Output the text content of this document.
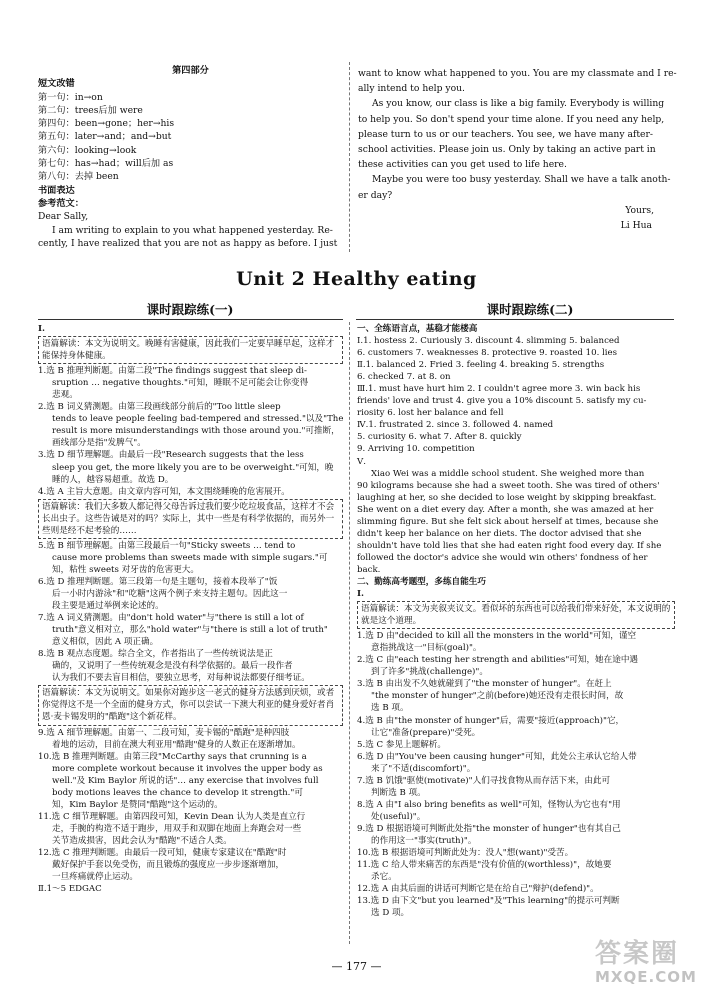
第四部分

短文改错

第一句：in→on

第二句：trees后加 were

第四句：been→gone；her→his

第五句：later→and；and→but

第六句：looking→look

第七句：has→had；will后加 as

第八句：去掉 been

书面表达

参考范文：

Dear Sally,

I am writing to explain to you what happened yesterday. Re-

cently, I have realized that you are not as happy as before. I just

want to know what happened to you. You are my classmate and I re-

ally intend to help you.

As you know, our class is like a big family. Everybody is willing

to help you. So don't spend your time alone. If you need any help,

please turn to us or our teachers. You see, we have many after-

school activities. Please join us. Only by taking an active part in

these activities can you get used to life here.

Maybe you were too busy yesterday. Shall we have a talk anoth-

er day?

Yours,

Li Hua

Unit 2 Healthy eating
课时跟踪练(一)	课时跟踪练(二)

Ⅰ.

语篇解读：本文为说明文。晚睡有害健康，因此我们一定要早睡早起，这样才能保持身体健康。

1.选 B 推理判断题。由第二段"The findings suggest that sleep di-

sruption … negative thoughts."可知，睡眠不足可能会让你变得

悲观。

2.选 B 词义猜测题。由第三段画线部分前后的"Too little sleep

tends to leave people feeling bad-tempered and stressed."以及"The

result is more misunderstandings with those around you."可推断，

画线部分是指"发脾气"。

3.选 D 细节理解题。由最后一段"Research suggests that the less

sleep you get, the more likely you are to be overweight."可知，晚

睡的人，越容易超重。故选 D。

4.选 A 主旨大意题。由文章内容可知，本文围绕睡晚的危害展开。

语篇解读：我们大多数人都记得父母告诉过我们要少吃垃圾食品，这样才不会长出虫子。这些告诫是对的吗？实际上，其中一些是有科学依据的，而另外一些则是经不起考验的……

5.选 B 细节理解题。由第三段最后一句"Sticky sweets … tend to

cause more problems than sweets made with simple sugars."可

知，粘性 sweets 对牙齿的危害更大。

6.选 D 推理判断题。第三段第一句是主题句，接着本段举了"饭

后一小时内游泳"和"吃糖"这两个例子来支持主题句。因此这一

段主要是通过举例来论述的。

7.选 A 词义猜测题。由"don't hold water"与"there is still a lot of

truth"意义相对立，那么"hold water"与"there is still a lot of truth"

意义相似，因此 A 项正确。

8.选 B 观点态度题。综合全文，作者指出了一些传统说法是正

确的，又说明了一些传统观念是没有科学依据的。最后一段作者

认为我们不要去盲目相信，要独立思考，对每种说法都要仔细考证。

语篇解读：本文为说明文。如果你对跑步这一老式的健身方法感到厌烦，或者你觉得这不是一个全面的健身方式，你可以尝试一下澳大利亚的健身爱好者肖恩·麦卡锡发明的"酷跑"这个新花样。

9.选 A 细节理解题。由第一、二段可知，麦卡锡的"酷跑"是种四肢

着地的运动，目前在澳大利亚用"酷跑"健身的人数正在逐渐增加。

10.选 B 推理判断题。由第三段"McCarthy says that crunning is a

more complete workout because it involves the upper body as

well."及 Kim Baylor 所说的话"… any exercise that involves full

body motions leaves the chance to develop it strength."可

知，Kim Baylor 是赞同"酷跑"这个运动的。

11.选 C 细节理解题。由第四段可知，Kevin Dean 认为人类是直立行

走，手腕的构造不适于跑步，用双手和双脚在地面上奔跑会对一些

关节造成损害，因此会认为"酷跑"不适合人类。

12.选 C 推理判断题。由最后一段可知，健康专家建议在"酷跑"时

戴好保护手套以免受伤，而且锻炼的强度应一步步逐渐增加，

一旦疼痛就停止运动。

Ⅱ.1～5 EDGAC

一、全练语言点，基稳才能楼高

Ⅰ.1. hostess 2. Curiously 3. discount 4. slimming 5. balanced

6. customers 7. weaknesses 8. protective 9. roasted 10. lies

Ⅱ.1. balanced 2. Fried 3. feeling 4. breaking 5. strengths

6. checked 7. at 8. on

Ⅲ.1. must have hurt him 2. I couldn't agree more 3. win back his

friends' love and trust 4. give you a 10% discount 5. satisfy my cu-

riosity 6. lost her balance and fell

Ⅳ.1. frustrated 2. since 3. followed 4. named

5. curiosity 6. what 7. After 8. quickly

9. Arriving 10. competition

Ⅴ.

Xiao Wei was a middle school student. She weighed more than

90 kilograms because she had a sweet tooth. She was tired of others'

laughing at her, so she decided to lose weight by skipping breakfast.

She went on a diet every day. After a month, she was amazed at her

slimming figure. But she felt sick about herself at times, because she

didn't keep her balance on her diets. The doctor advised that she

shouldn't have told lies that she had eaten right food every day. If she

followed the doctor's advice she would win others' fondness of her

back.

二、勤练高考题型，多练自能生巧

Ⅰ.

语篇解读：本文为夹叙夹议文。看似坏的东西也可以给我们带来好处，本文说明的就是这个道理。

1.选 D 由"decided to kill all the monsters in the world"可知，谨空

意指挑战这一"目标(goal)"。

2.选 C 由"each testing her strength and abilities"可知，她在途中遇

到了许多"挑战(challenge)"。

3.选 B 由出发不久她就碰到了"the monster of hunger"。在赶上

"the monster of hunger"之前(before)她还没有走很长时间，故

选 B 项。

4.选 B 由"the monster of hunger"后，需要"接近(approach)"它，

让它"准备(prepare)"受死。

5.选 C 参见上题解析。

6.选 D 由"You've been causing hunger"可知，此处公主承认它给人带

来了"不适(discomfort)"。

7.选 B 饥饿"驱使(motivate)"人们寻找食物从而存活下来，由此可

判断选 B 项。

8.选 A 由"I also bring benefits as well"可知，怪物认为它也有"用

处(useful)"。

9.选 D 根据语境可判断此处指"the monster of hunger"也有其自己

的作用这一"事实(truth)"。

10.选 B 根据语境可判断此处为：没人"想(want)"受苦。

11.选 C 给人带来痛苦的东西是"没有价值的(worthless)"，故她要

杀它。

12.选 A 由其后面的讲话可判断它是在给自己"辩护(defend)"。

13.选 D 由下文"but you learned"及"This learning"的提示可判断

选 D 项。

— 177 —	答案圈
MXQE.COM
